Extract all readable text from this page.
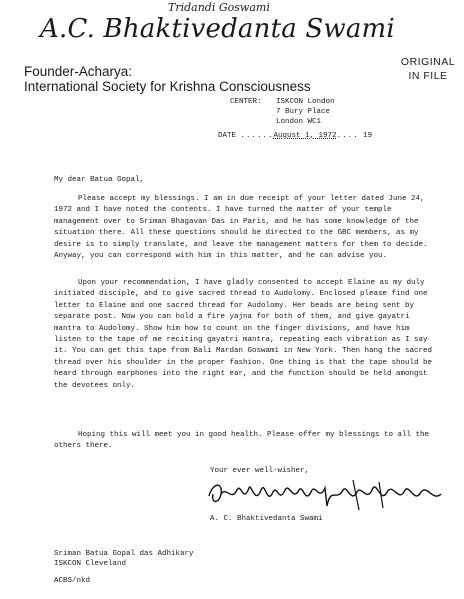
Tridandi Goswami
A.C. Bhaktivedanta Swami
ORIGINAL
IN FILE
Founder-Acharya:
International Society for Krishna Consciousness
CENTER: ISKCON London
7 Bury Place
London WC1
DATE ......August 1, 1972.... 19
My dear Batua Gopal,
Please accept my blessings. I am in due receipt of your letter dated June 24, 1972 and I have noted the contents. I have turned the matter of your temple management over to Sriman Bhagavan Das in Paris, and he has some knowledge of the situation there. All these questions should be directed to the GBC members, as my desire is to simply translate, and leave the management matters for them to decide. Anyway, you can correspond with him in this matter, and he can advise you.
Upon your recommendation, I have gladly consented to accept Elaine as my duly initiated disciple, and to give sacred thread to Audolomy. Enclosed please find one letter to Elaine and one sacred thread for Audolomy. Her beads are being sent by separate post. Now you can hold a fire yajna for both of them, and give gayatri mantra to Audolomy. Show him how to count on the finger divisions, and have him listen to the tape of me reciting gayatri mantra, repeating each vibration as I say it. You can get this tape from Bali Mardan Goswami in New York. Then hang the sacred thread over his shoulder in the proper fashion. One thing is that the tape should be heard through earphones into the right ear, and the function should be held amongst the devotees only.
Hoping this will meet you in good health. Please offer my blessings to all the others there.
Your ever well-wisher,
A. C. Bhaktivedanta Swami
Sriman Batua Gopal das Adhikary
ISKCON Cleveland
ACBS/nkd
